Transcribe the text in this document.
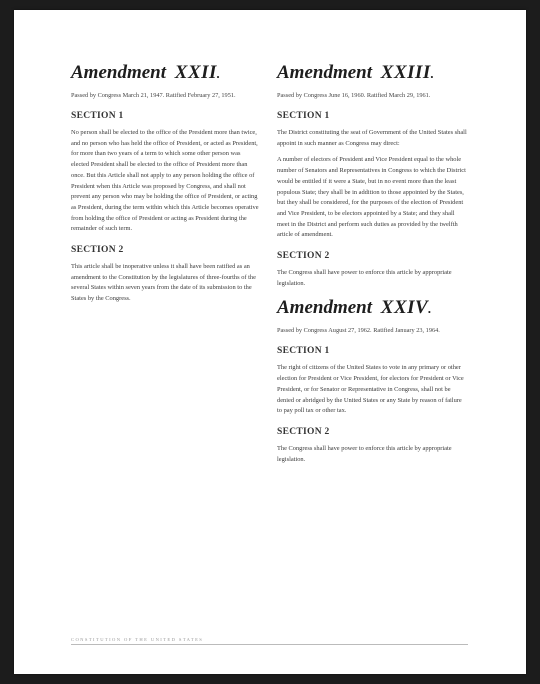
Amendment XXII.

Passed by Congress March 21, 1947. Ratified February 27, 1951.

SECTION 1

No person shall be elected to the office of the President more than twice, and no person who has held the office of President, or acted as President, for more than two years of a term to which some other person was elected President shall be elected to the office of President more than once. But this Article shall not apply to any person holding the office of President when this Article was proposed by Congress, and shall not prevent any person who may be holding the office of President, or acting as President, during the term within which this Article becomes operative from holding the office of President or acting as President during the remainder of such term.

SECTION 2

This article shall be inoperative unless it shall have been ratified as an amendment to the Constitution by the legislatures of three-fourths of the several States within seven years from the date of its submission to the States by the Congress.

Amendment XXIII.

Passed by Congress June 16, 1960. Ratified March 29, 1961.

SECTION 1

The District constituting the seat of Government of the United States shall appoint in such manner as Congress may direct:

A number of electors of President and Vice President equal to the whole number of Senators and Representatives in Congress to which the District would be entitled if it were a State, but in no event more than the least populous State; they shall be in addition to those appointed by the States, but they shall be considered, for the purposes of the election of President and Vice President, to be electors appointed by a State; and they shall meet in the District and perform such duties as provided by the twelfth article of amendment.

SECTION 2

The Congress shall have power to enforce this article by appropriate legislation.

Amendment XXIV.

Passed by Congress August 27, 1962. Ratified January 23, 1964.

SECTION 1

The right of citizens of the United States to vote in any primary or other election for President or Vice President, for electors for President or Vice President, or for Senator or Representative in Congress, shall not be denied or abridged by the United States or any State by reason of failure to pay poll tax or other tax.

SECTION 2

The Congress shall have power to enforce this article by appropriate legislation.

CONSTITUTION OF THE UNITED STATES
